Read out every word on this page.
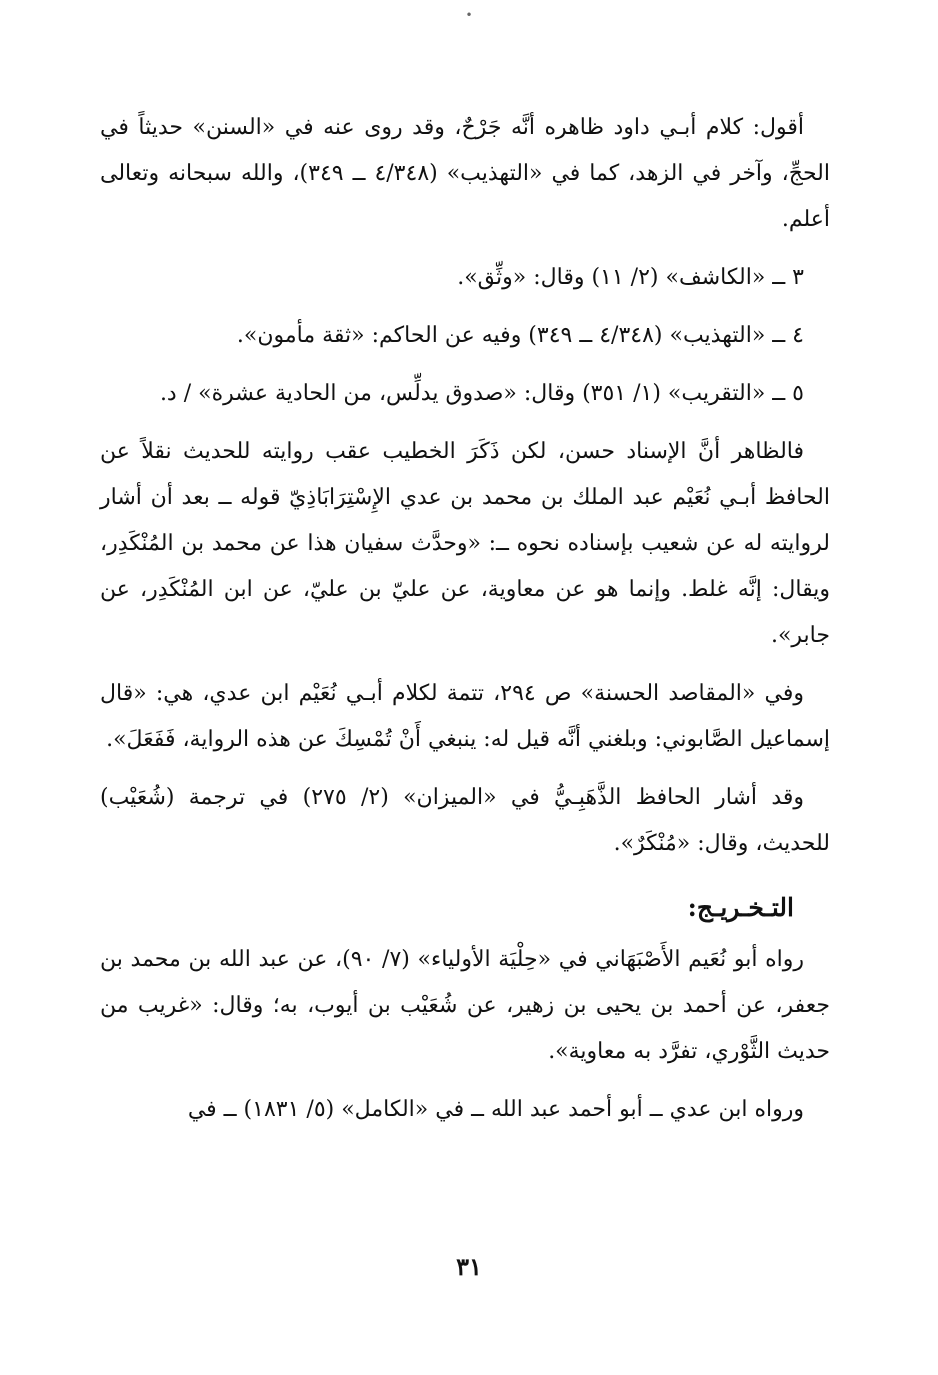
•

أقول: كلام أبـي داود ظاهره أنَّه جَرْحٌ، وقد روى عنه في «السنن» حديثاً في الحجِّ، وآخر في الزهد، كما في «التهذيب» (٤/٣٤٨ ــ ٣٤٩)، والله سبحانه وتعالى أعلم.

٣ ــ «الكاشف» (٢/ ١١) وقال: «وثِّق».

٤ ــ «التهذيب» (٤/٣٤٨ ــ ٣٤٩) وفيه عن الحاكم: «ثقة مأمون».

٥ ــ «التقريب» (١/ ٣٥١) وقال: «صدوق يدلِّس، من الحادية عشرة» / د.

فالظاهر أنَّ الإسناد حسن، لكن ذَكَرَ الخطيب عقب روايته للحديث نقلاً عن الحافظ أبـي نُعَيْم عبد الملك بن محمد بن عدي الإِسْتِرَابَاذِيّ قوله ــ بعد أن أشار لروايته له عن شعيب بإسناده نحوه ــ: «وحدَّث سفيان هذا عن محمد بن المُنْكَدِر، ويقال: إنَّه غلط. وإنما هو عن معاوية، عن عليّ بن عليّ، عن ابن المُنْكَدِر، عن جابر».

وفي «المقاصد الحسنة» ص ٢٩٤، تتمة لكلام أبـي نُعَيْم ابن عدي، هي: «قال إسماعيل الصَّابوني: وبلغني أنَّه قيل له: ينبغي أَنْ تُمْسِكَ عن هذه الرواية، فَفَعَلَ».

وقد أشار الحافظ الذَّهَبِـيُّ في «الميزان» (٢/ ٢٧٥) في ترجمة (شُعَيْب) للحديث، وقال: «مُنْكَرٌ».

التـخـريـج:

رواه أبو نُعَيم الأَصْبَهَاني في «حِلْيَة الأولياء» (٧/ ٩٠)، عن عبد الله بن محمد بن جعفر، عن أحمد بن يحيى بن زهير، عن شُعَيْب بن أيوب، به؛ وقال: «غريب من حديث الثَّوْري، تفرَّد به معاوية».

ورواه ابن عدي ــ أبو أحمد عبد الله ــ في «الكامل» (٥/ ١٨٣١) ــ في

٣١
